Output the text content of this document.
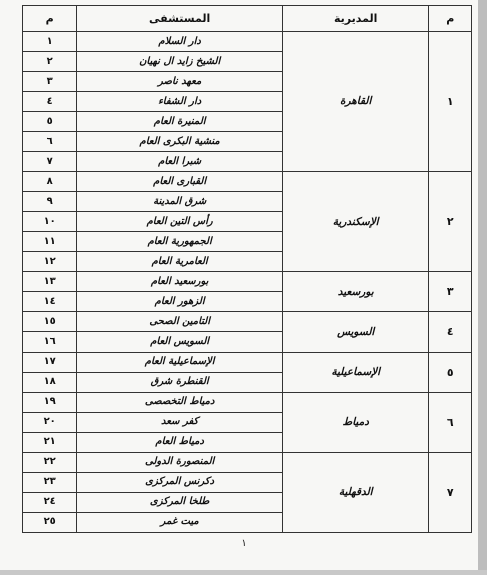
م	المديرية	المستشفى	م
١	القاهرة	دار السلام	١
		الشيخ زايد ال نهيان	٢
		معهد ناصر	٣
		دار الشفاء	٤
		المنيرة العام	٥
		منشية البكرى العام	٦
		شبرا العام	٧
٢	الإسكندرية	القبارى العام	٨
		شرق المدينة	٩
		رأس التين العام	١٠
		الجمهورية العام	١١
		العامرية العام	١٢
٣	بورسعيد	بورسعيد العام	١٣
		الزهور العام	١٤
٤	السويس	التامين الصحى	١٥
		السويس العام	١٦
٥	الإسماعيلية	الإسماعيلية العام	١٧
		القنطرة شرق	١٨
٦	دمياط	دمياط التخصصى	١٩
		كفر سعد	٢٠
		دمياط العام	٢١
٧	الدقهلية	المنصورة الدولى	٢٢
		دكرنس المركزى	٢٣
		طلخا المركزى	٢٤
		ميت غمر	٢٥
١
